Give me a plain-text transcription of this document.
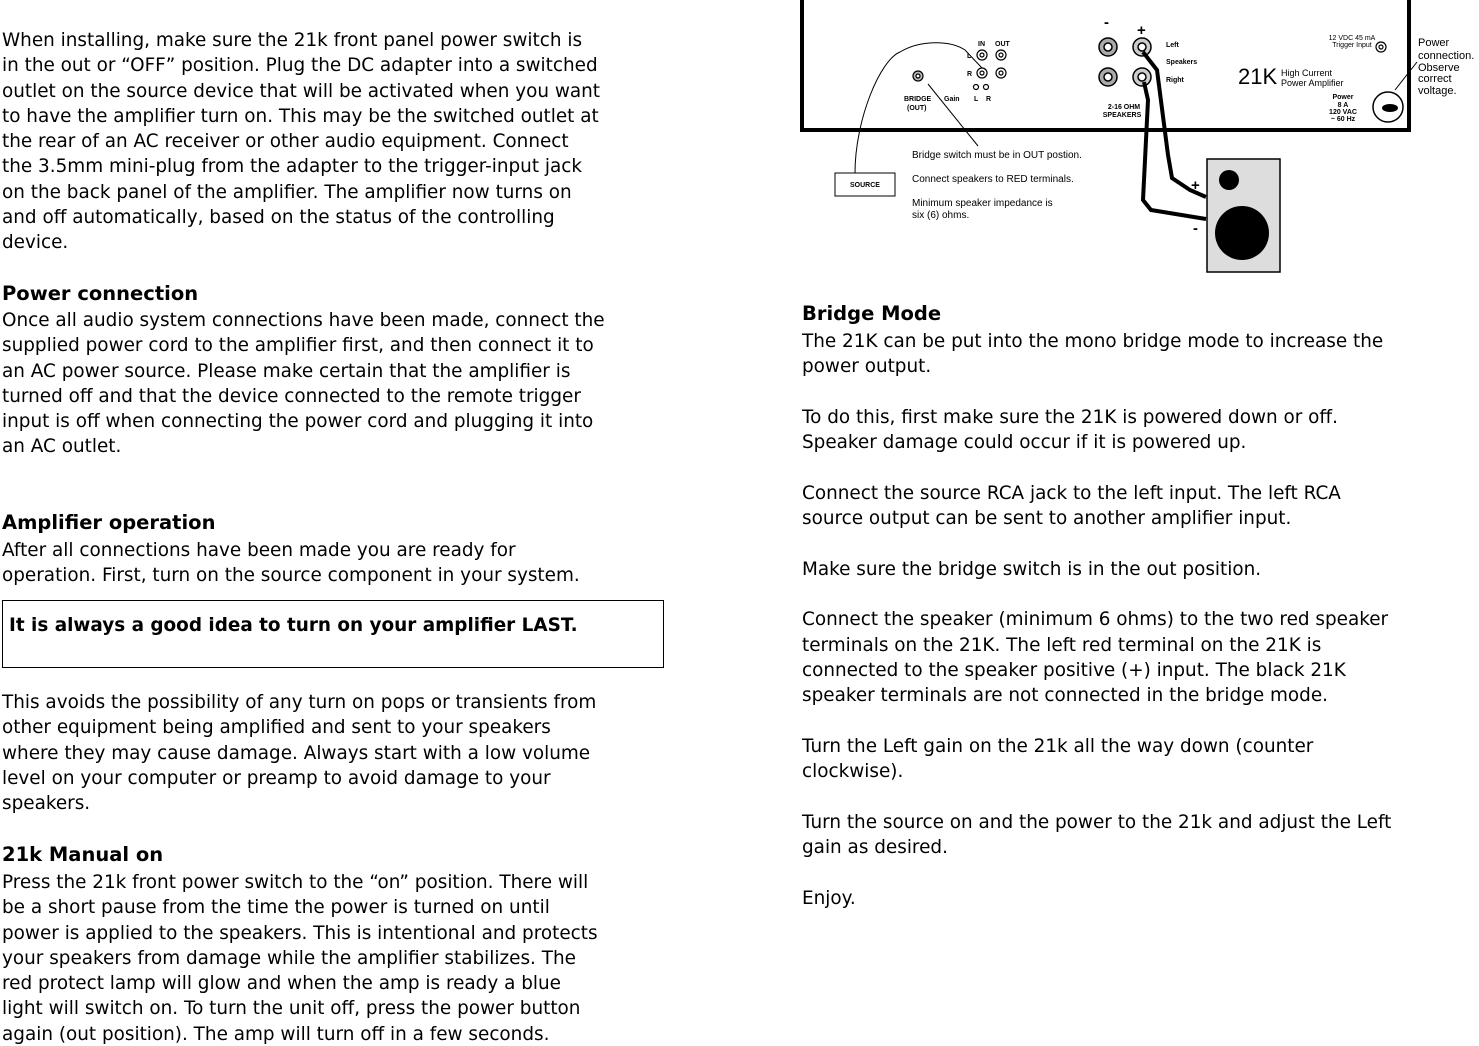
When installing, make sure the 21k front panel power switch is
in the out or “OFF” position. Plug the DC adapter into a switched
outlet on the source device that will be activated when you want
to have the amplifier turn on. This may be the switched outlet at
the rear of an AC receiver or other audio equipment. Connect
the 3.5mm mini-plug from the adapter to the trigger-input jack
on the back panel of the amplifier. The amplifier now turns on
and off automatically, based on the status of the controlling
device.
Power connection
Once all audio system connections have been made, connect the
supplied power cord to the amplifier first, and then connect it to
an AC power source. Please make certain that the amplifier is
turned off and that the device connected to the remote trigger
input is off when connecting the power cord and plugging it into
an AC outlet.
Amplifier operation
After all connections have been made you are ready for
operation. First, turn on the source component in your system.
It is always a good idea to turn on your amplifier LAST.
This avoids the possibility of any turn on pops or transients from
other equipment being amplified and sent to your speakers
where they may cause damage. Always start with a low volume
level on your computer or preamp to avoid damage to your
speakers.
21k Manual on
Press the 21k front power switch to the “on” position. There will
be a short pause from the time the power is turned on until
power is applied to the speakers. This is intentional and protects
your speakers from damage while the amplifier stabilizes. The
red protect lamp will glow and when the amp is ready a blue
light will switch on. To turn the unit off, press the power button
again (out position). The amp will turn off in a few seconds.
Bridge Mode
The 21K can be put into the mono bridge mode to increase the
power output.
To do this, first make sure the 21K is powered down or off.
Speaker damage could occur if it is powered up.
Connect the source RCA jack to the left input. The left RCA
source output can be sent to another amplifier input.
Make sure the bridge switch is in the out position.
Connect the speaker (minimum 6 ohms) to the two red speaker
terminals on the 21K. The left red terminal on the 21K is
connected to the speaker positive (+) input. The black 21K
speaker terminals are not connected in the bridge mode.
Turn the Left gain on the 21k all the way down (counter
clockwise).
Turn the source on and the power to the 21k and adjust the Left
gain as desired.
Enjoy.
IN OUT
L
R
BRIDGE
(OUT)
Gain L R
Left
Speakers
Right
2-16 OHM
SPEAKERS
Power
8 A
120 VAC
~ 60 Hz
SOURCE
- +
+
-
12 VDC 45 mA
Trigger Input
21K High Current
Power Amplifier
Power
connection.
Observe
correct
voltage.
Bridge switch must be in OUT postion.
Connect speakers to RED terminals.
Minimum speaker impedance is
six (6) ohms.
